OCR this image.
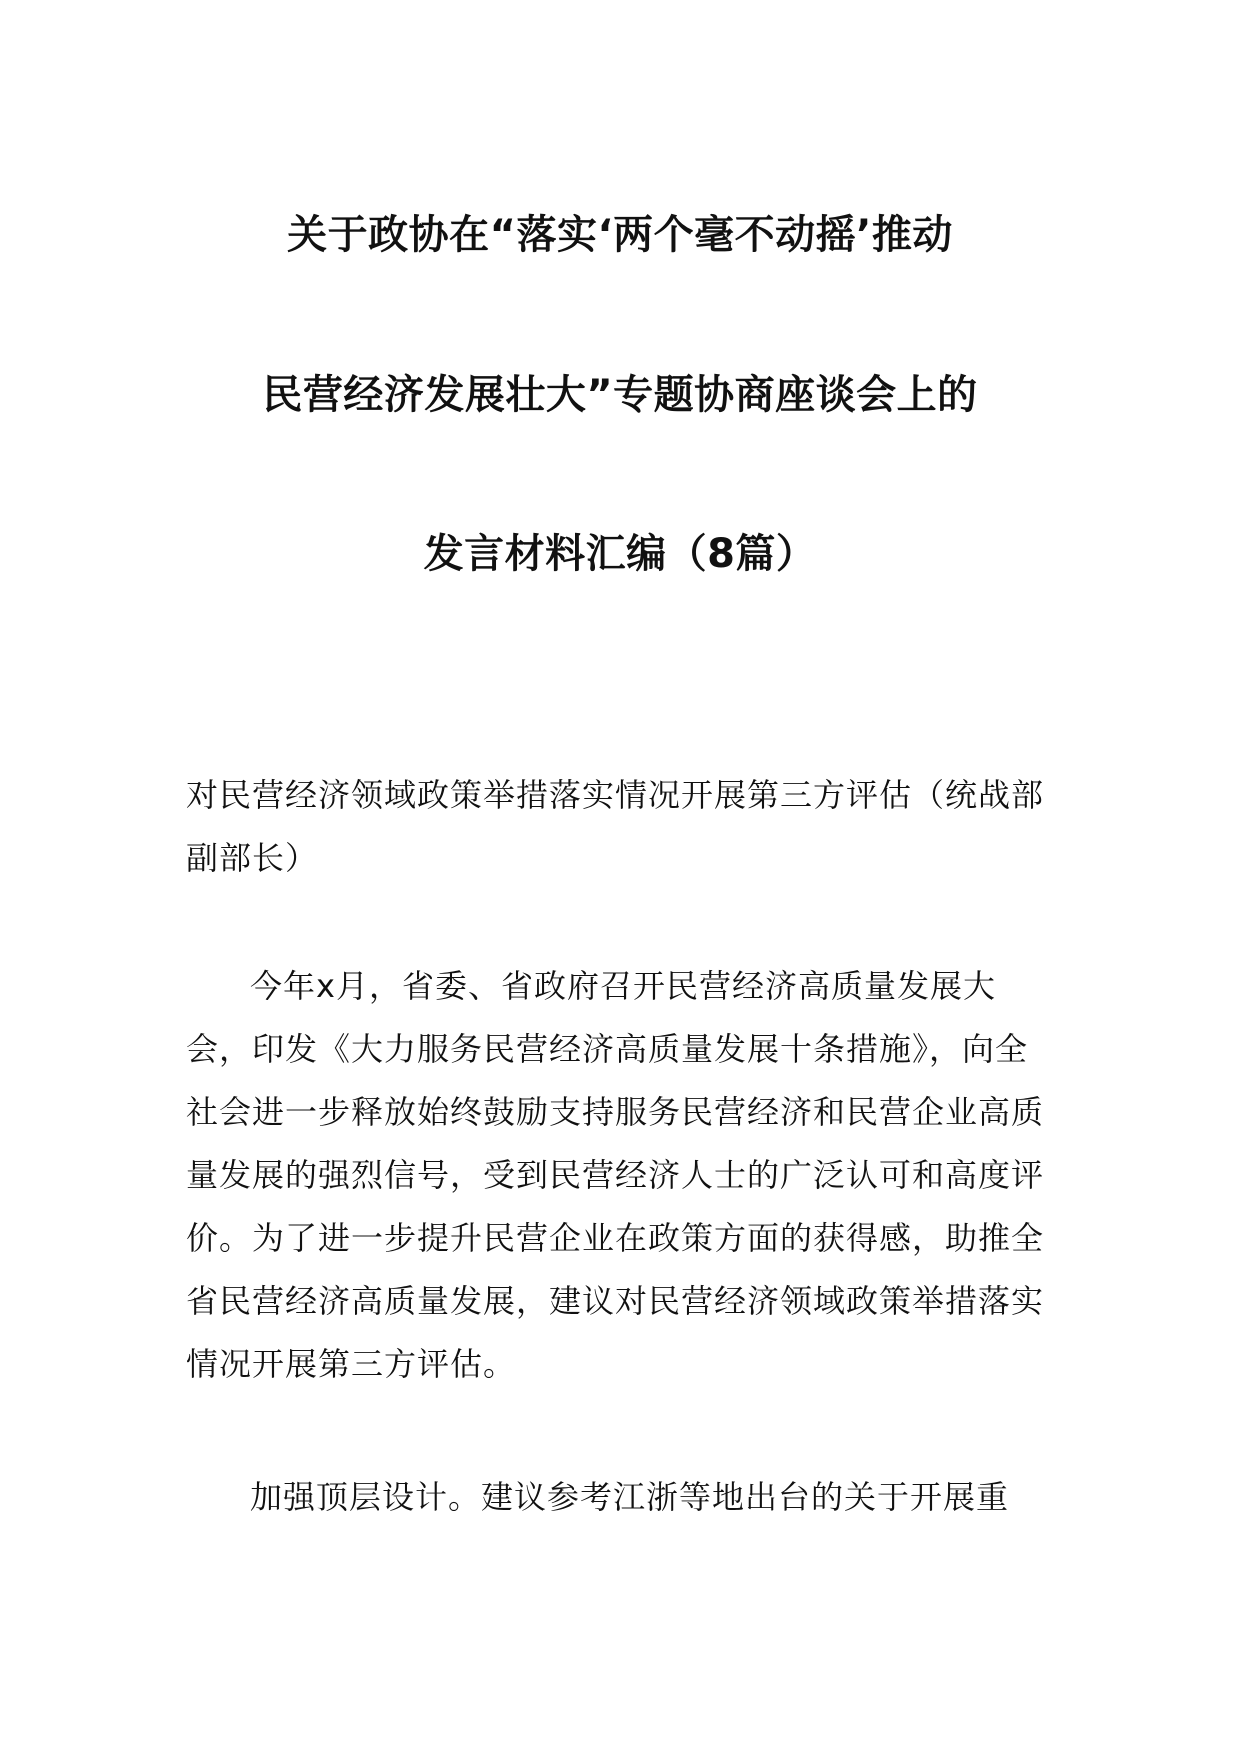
关于政协在“落实‘两个毫不动摇’推动
民营经济发展壮大”专题协商座谈会上的
发言材料汇编（8篇）
对民营经济领域政策举措落实情况开展第三方评估（统战部副部长）
今年x月，省委、省政府召开民营经济高质量发展大会，印发《大力服务民营经济高质量发展十条措施》，向全社会进一步释放始终鼓励支持服务民营经济和民营企业高质量发展的强烈信号，受到民营经济人士的广泛认可和高度评价。为了进一步提升民营企业在政策方面的获得感，助推全省民营经济高质量发展，建议对民营经济领域政策举措落实情况开展第三方评估。
加强顶层设计。建议参考江浙等地出台的关于开展重
